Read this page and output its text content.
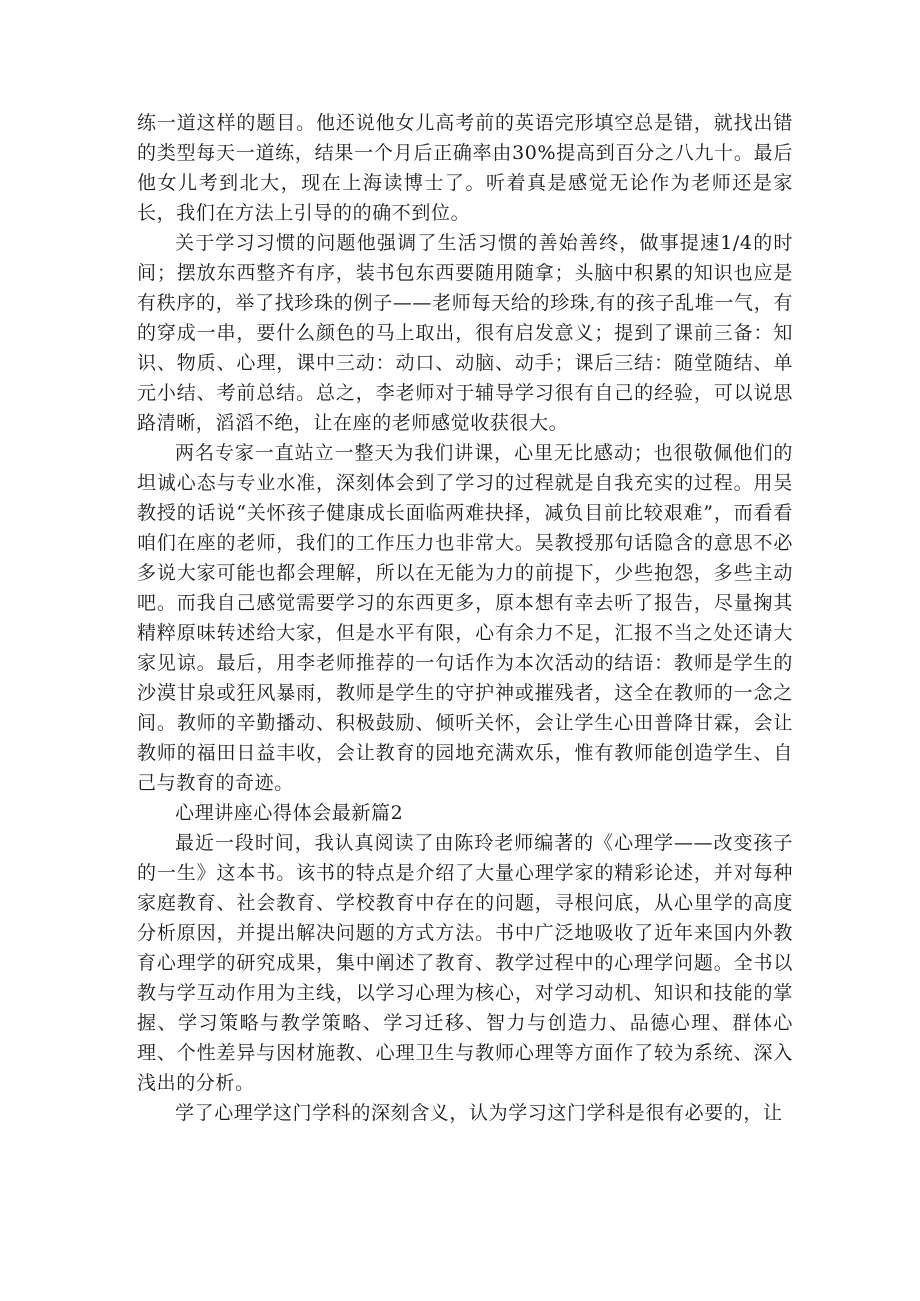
练一道这样的题目。他还说他女儿高考前的英语完形填空总是错，就找出错的类型每天一道练，结果一个月后正确率由30%提高到百分之八九十。最后他女儿考到北大，现在上海读博士了。听着真是感觉无论作为老师还是家长，我们在方法上引导的的确不到位。

关于学习习惯的问题他强调了生活习惯的善始善终，做事提速1/4的时间；摆放东西整齐有序，装书包东西要随用随拿；头脑中积累的知识也应是有秩序的，举了找珍珠的例子——老师每天给的珍珠,有的孩子乱堆一气，有的穿成一串，要什么颜色的马上取出，很有启发意义；提到了课前三备：知识、物质、心理，课中三动：动口、动脑、动手；课后三结：随堂随结、单元小结、考前总结。总之，李老师对于辅导学习很有自己的经验，可以说思路清晰，滔滔不绝，让在座的老师感觉收获很大。

两名专家一直站立一整天为我们讲课，心里无比感动；也很敬佩他们的坦诚心态与专业水准，深刻体会到了学习的过程就是自我充实的过程。用吴教授的话说“关怀孩子健康成长面临两难抉择，减负目前比较艰难”，而看看咱们在座的老师，我们的工作压力也非常大。吴教授那句话隐含的意思不必多说大家可能也都会理解，所以在无能为力的前提下，少些抱怨，多些主动吧。而我自己感觉需要学习的东西更多，原本想有幸去听了报告，尽量掬其精粹原味转述给大家，但是水平有限，心有余力不足，汇报不当之处还请大家见谅。最后，用李老师推荐的一句话作为本次活动的结语：教师是学生的沙漠甘泉或狂风暴雨，教师是学生的守护神或摧残者，这全在教师的一念之间。教师的辛勤播动、积极鼓励、倾听关怀，会让学生心田普降甘霖，会让教师的福田日益丰收，会让教育的园地充满欢乐，惟有教师能创造学生、自己与教育的奇迹。

心理讲座心得体会最新篇2

最近一段时间，我认真阅读了由陈玲老师编著的《心理学——改变孩子的一生》这本书。该书的特点是介绍了大量心理学家的精彩论述，并对每种家庭教育、社会教育、学校教育中存在的问题，寻根问底，从心里学的高度分析原因，并提出解决问题的方式方法。书中广泛地吸收了近年来国内外教育心理学的研究成果，集中阐述了教育、教学过程中的心理学问题。全书以教与学互动作用为主线，以学习心理为核心，对学习动机、知识和技能的掌握、学习策略与教学策略、学习迁移、智力与创造力、品德心理、群体心理、个性差异与因材施教、心理卫生与教师心理等方面作了较为系统、深入浅出的分析。

学了心理学这门学科的深刻含义，认为学习这门学科是很有必要的，让
